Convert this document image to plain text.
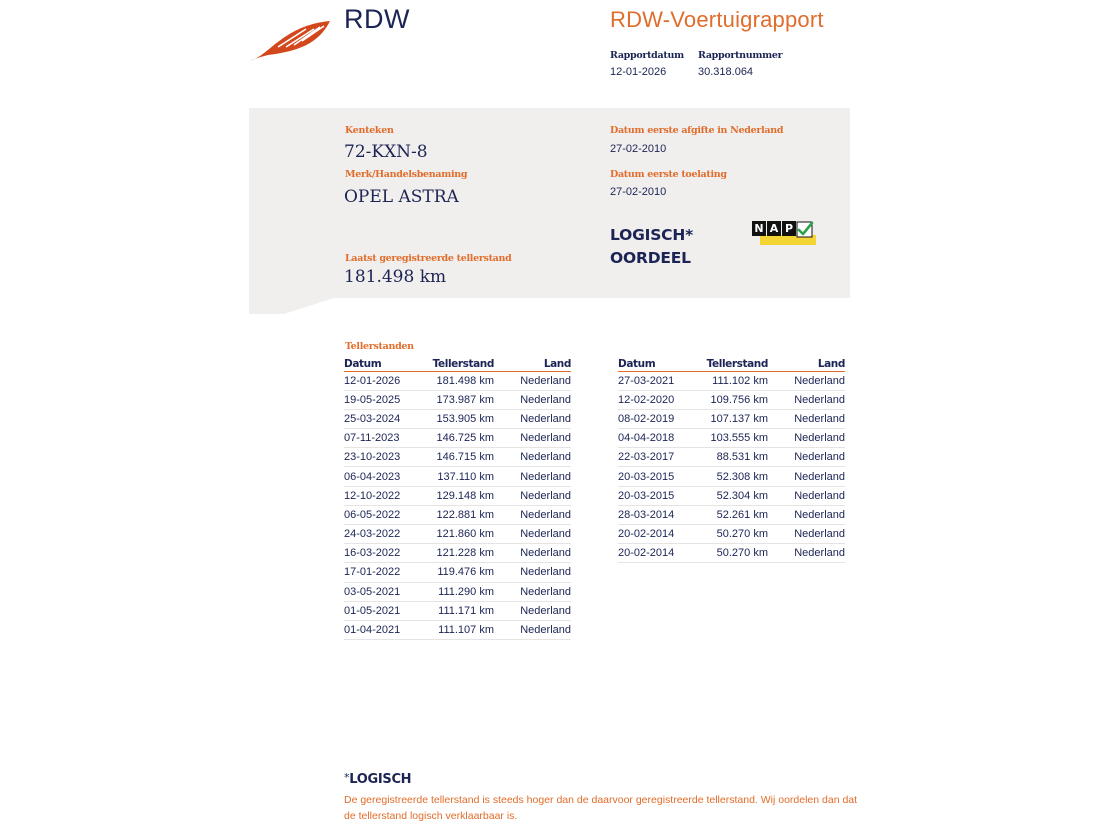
RDW	RDW-Voertuigrapport
Rapportdatum
12-01-2026
Rapportnummer
30.318.064
Kenteken
72-KXN-8
Merk/Handelsbenaming
OPEL ASTRA
Laatst geregistreerde tellerstand
181.498 km
Datum eerste afgifte in Nederland
27-02-2010
Datum eerste toelating
27-02-2010
LOGISCH*
OORDEEL
N A P
Tellerstanden
Datum	Tellerstand	Land
12-01-2026	181.498 km	Nederland
19-05-2025	173.987 km	Nederland
25-03-2024	153.905 km	Nederland
07-11-2023	146.725 km	Nederland
23-10-2023	146.715 km	Nederland
06-04-2023	137.110 km	Nederland
12-10-2022	129.148 km	Nederland
06-05-2022	122.881 km	Nederland
24-03-2022	121.860 km	Nederland
16-03-2022	121.228 km	Nederland
17-01-2022	119.476 km	Nederland
03-05-2021	111.290 km	Nederland
01-05-2021	111.171 km	Nederland
01-04-2021	111.107 km	Nederland
Datum	Tellerstand	Land
27-03-2021	111.102 km	Nederland
12-02-2020	109.756 km	Nederland
08-02-2019	107.137 km	Nederland
04-04-2018	103.555 km	Nederland
22-03-2017	88.531 km	Nederland
20-03-2015	52.308 km	Nederland
20-03-2015	52.304 km	Nederland
28-03-2014	52.261 km	Nederland
20-02-2014	50.270 km	Nederland
20-02-2014	50.270 km	Nederland
*LOGISCH
De geregistreerde tellerstand is steeds hoger dan de daarvoor geregistreerde tellerstand. Wij oordelen dan dat de tellerstand logisch verklaarbaar is.
